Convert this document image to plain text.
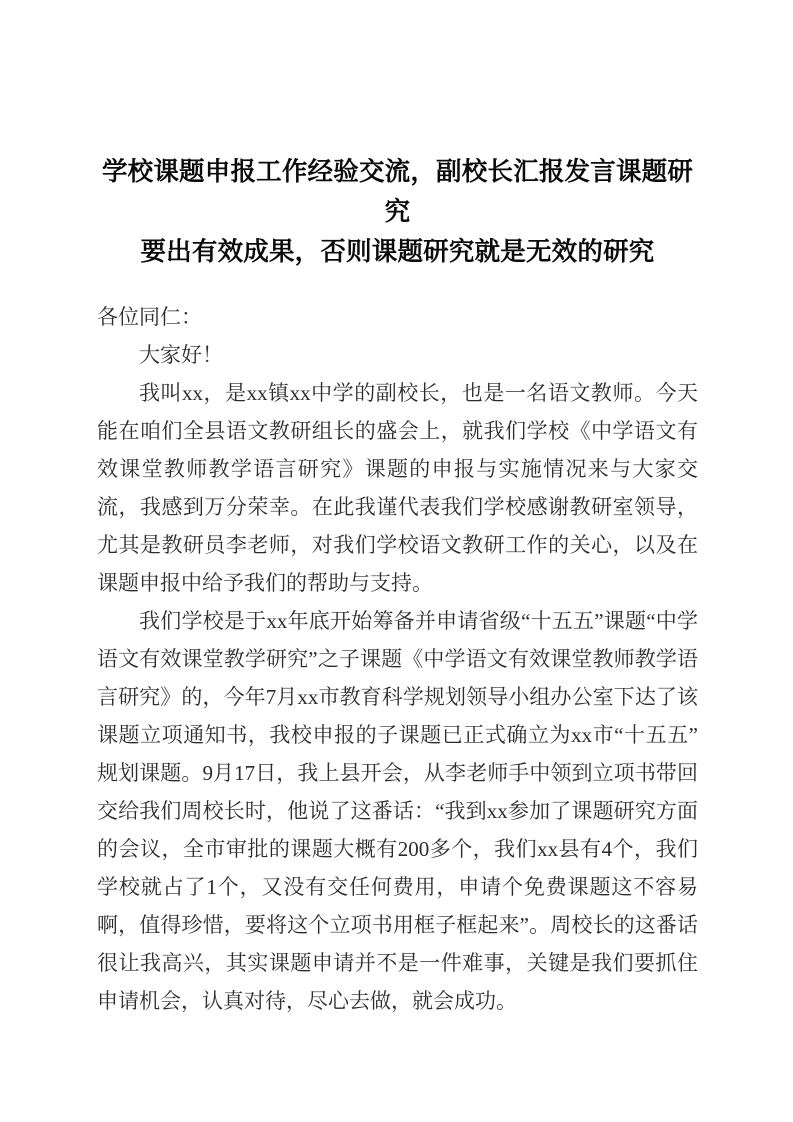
学校课题申报工作经验交流，副校长汇报发言课题研究
要出有效成果，否则课题研究就是无效的研究

各位同仁：

大家好！

我叫xx，是xx镇xx中学的副校长，也是一名语文教师。今天能在咱们全县语文教研组长的盛会上，就我们学校《中学语文有效课堂教师教学语言研究》课题的申报与实施情况来与大家交流，我感到万分荣幸。在此我谨代表我们学校感谢教研室领导，尤其是教研员李老师，对我们学校语文教研工作的关心，以及在课题申报中给予我们的帮助与支持。

我们学校是于xx年底开始筹备并申请省级“十五五”课题“中学语文有效课堂教学研究”之子课题《中学语文有效课堂教师教学语言研究》的，今年7月xx市教育科学规划领导小组办公室下达了该课题立项通知书，我校申报的子课题已正式确立为xx市“十五五”规划课题。9月17日，我上县开会，从李老师手中领到立项书带回交给我们周校长时，他说了这番话：“我到xx参加了课题研究方面的会议，全市审批的课题大概有200多个，我们xx县有4个，我们学校就占了1个，又没有交任何费用，申请个免费课题这不容易啊，值得珍惜，要将这个立项书用框子框起来”。周校长的这番话很让我高兴，其实课题申请并不是一件难事，关键是我们要抓住申请机会，认真对待，尽心去做，就会成功。
